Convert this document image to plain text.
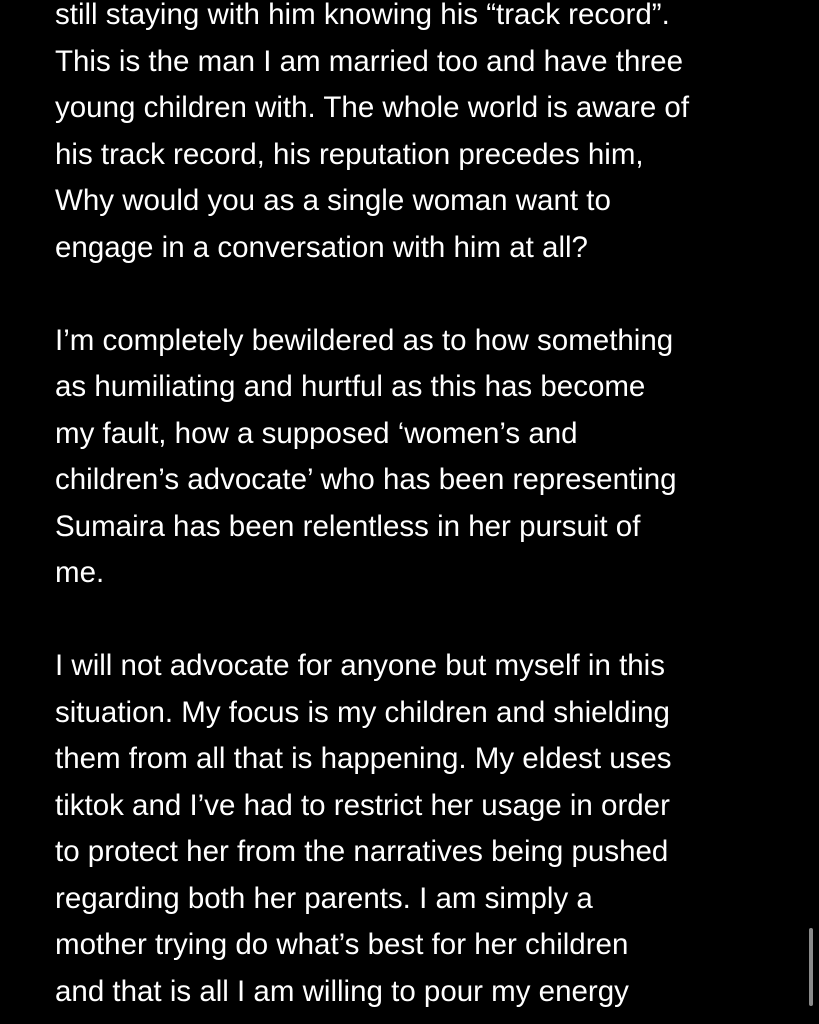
still staying with him knowing his “track record”.
This is the man I am married too and have three
young children with. The whole world is aware of
his track record, his reputation precedes him,
Why would you as a single woman want to
engage in a conversation with him at all?

I’m completely bewildered as to how something
as humiliating and hurtful as this has become
my fault, how a supposed ‘women’s and
children’s advocate’ who has been representing
Sumaira has been relentless in her pursuit of
me.

I will not advocate for anyone but myself in this
situation. My focus is my children and shielding
them from all that is happening. My eldest uses
tiktok and I’ve had to restrict her usage in order
to protect her from the narratives being pushed
regarding both her parents. I am simply a
mother trying do what’s best for her children
and that is all I am willing to pour my energy
